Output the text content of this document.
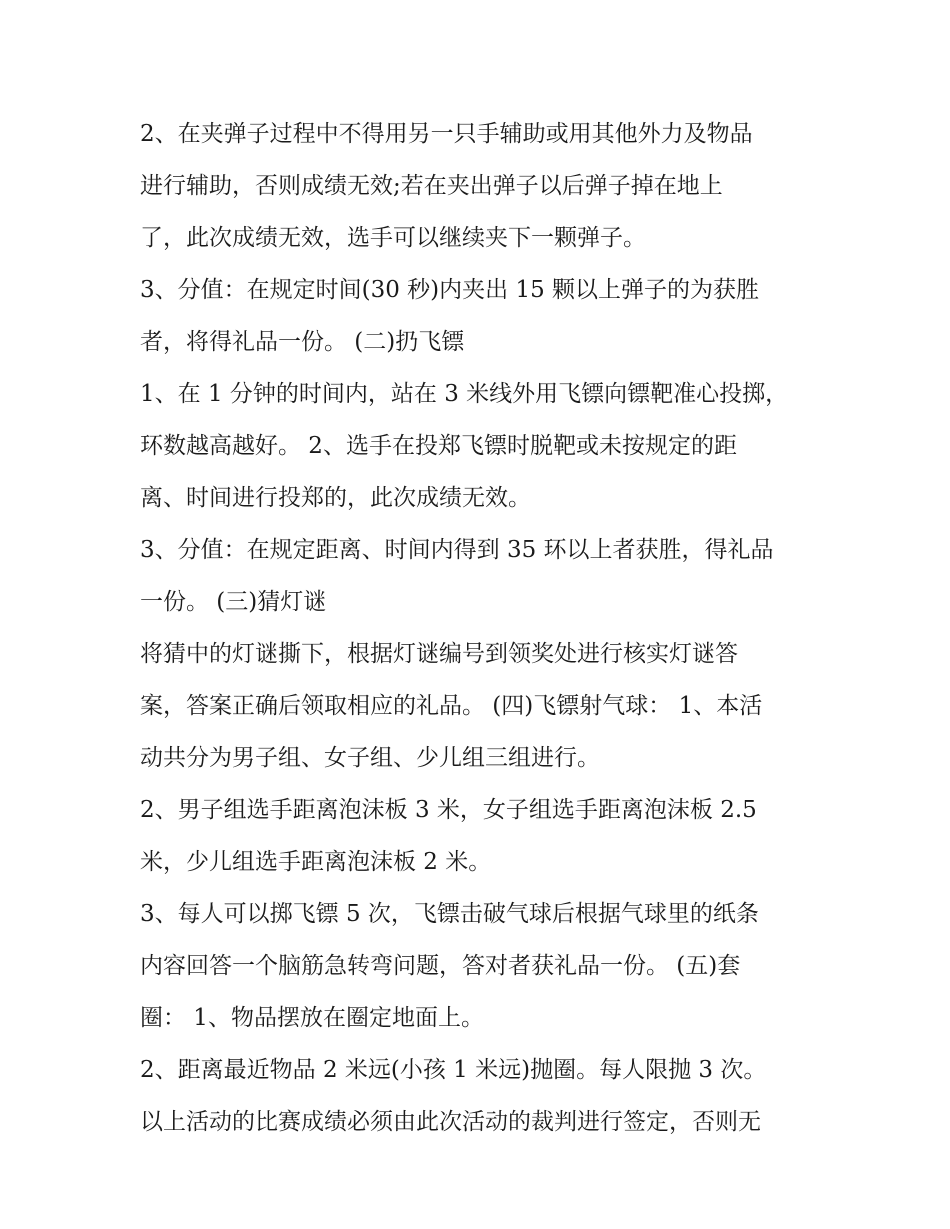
2、在夹弹子过程中不得用另一只手辅助或用其他外力及物品
进行辅助，否则成绩无效;若在夹出弹子以后弹子掉在地上
了，此次成绩无效，选手可以继续夹下一颗弹子。
3、分值：在规定时间(30 秒)内夹出 15 颗以上弹子的为获胜
者，将得礼品一份。 (二)扔飞镖
1、在 1 分钟的时间内，站在 3 米线外用飞镖向镖靶准心投掷，
环数越高越好。 2、选手在投郑飞镖时脱靶或未按规定的距
离、时间进行投郑的，此次成绩无效。
3、分值：在规定距离、时间内得到 35 环以上者获胜，得礼品
一份。 (三)猜灯谜
将猜中的灯谜撕下，根据灯谜编号到领奖处进行核实灯谜答
案，答案正确后领取相应的礼品。 (四)飞镖射气球： 1、本活
动共分为男子组、女子组、少儿组三组进行。
2、男子组选手距离泡沫板 3 米，女子组选手距离泡沫板 2.5
米，少儿组选手距离泡沫板 2 米。
3、每人可以掷飞镖 5 次，飞镖击破气球后根据气球里的纸条
内容回答一个脑筋急转弯问题，答对者获礼品一份。 (五)套
圈： 1、物品摆放在圈定地面上。
2、距离最近物品 2 米远(小孩 1 米远)抛圈。每人限抛 3 次。
以上活动的比赛成绩必须由此次活动的裁判进行签定，否则无
